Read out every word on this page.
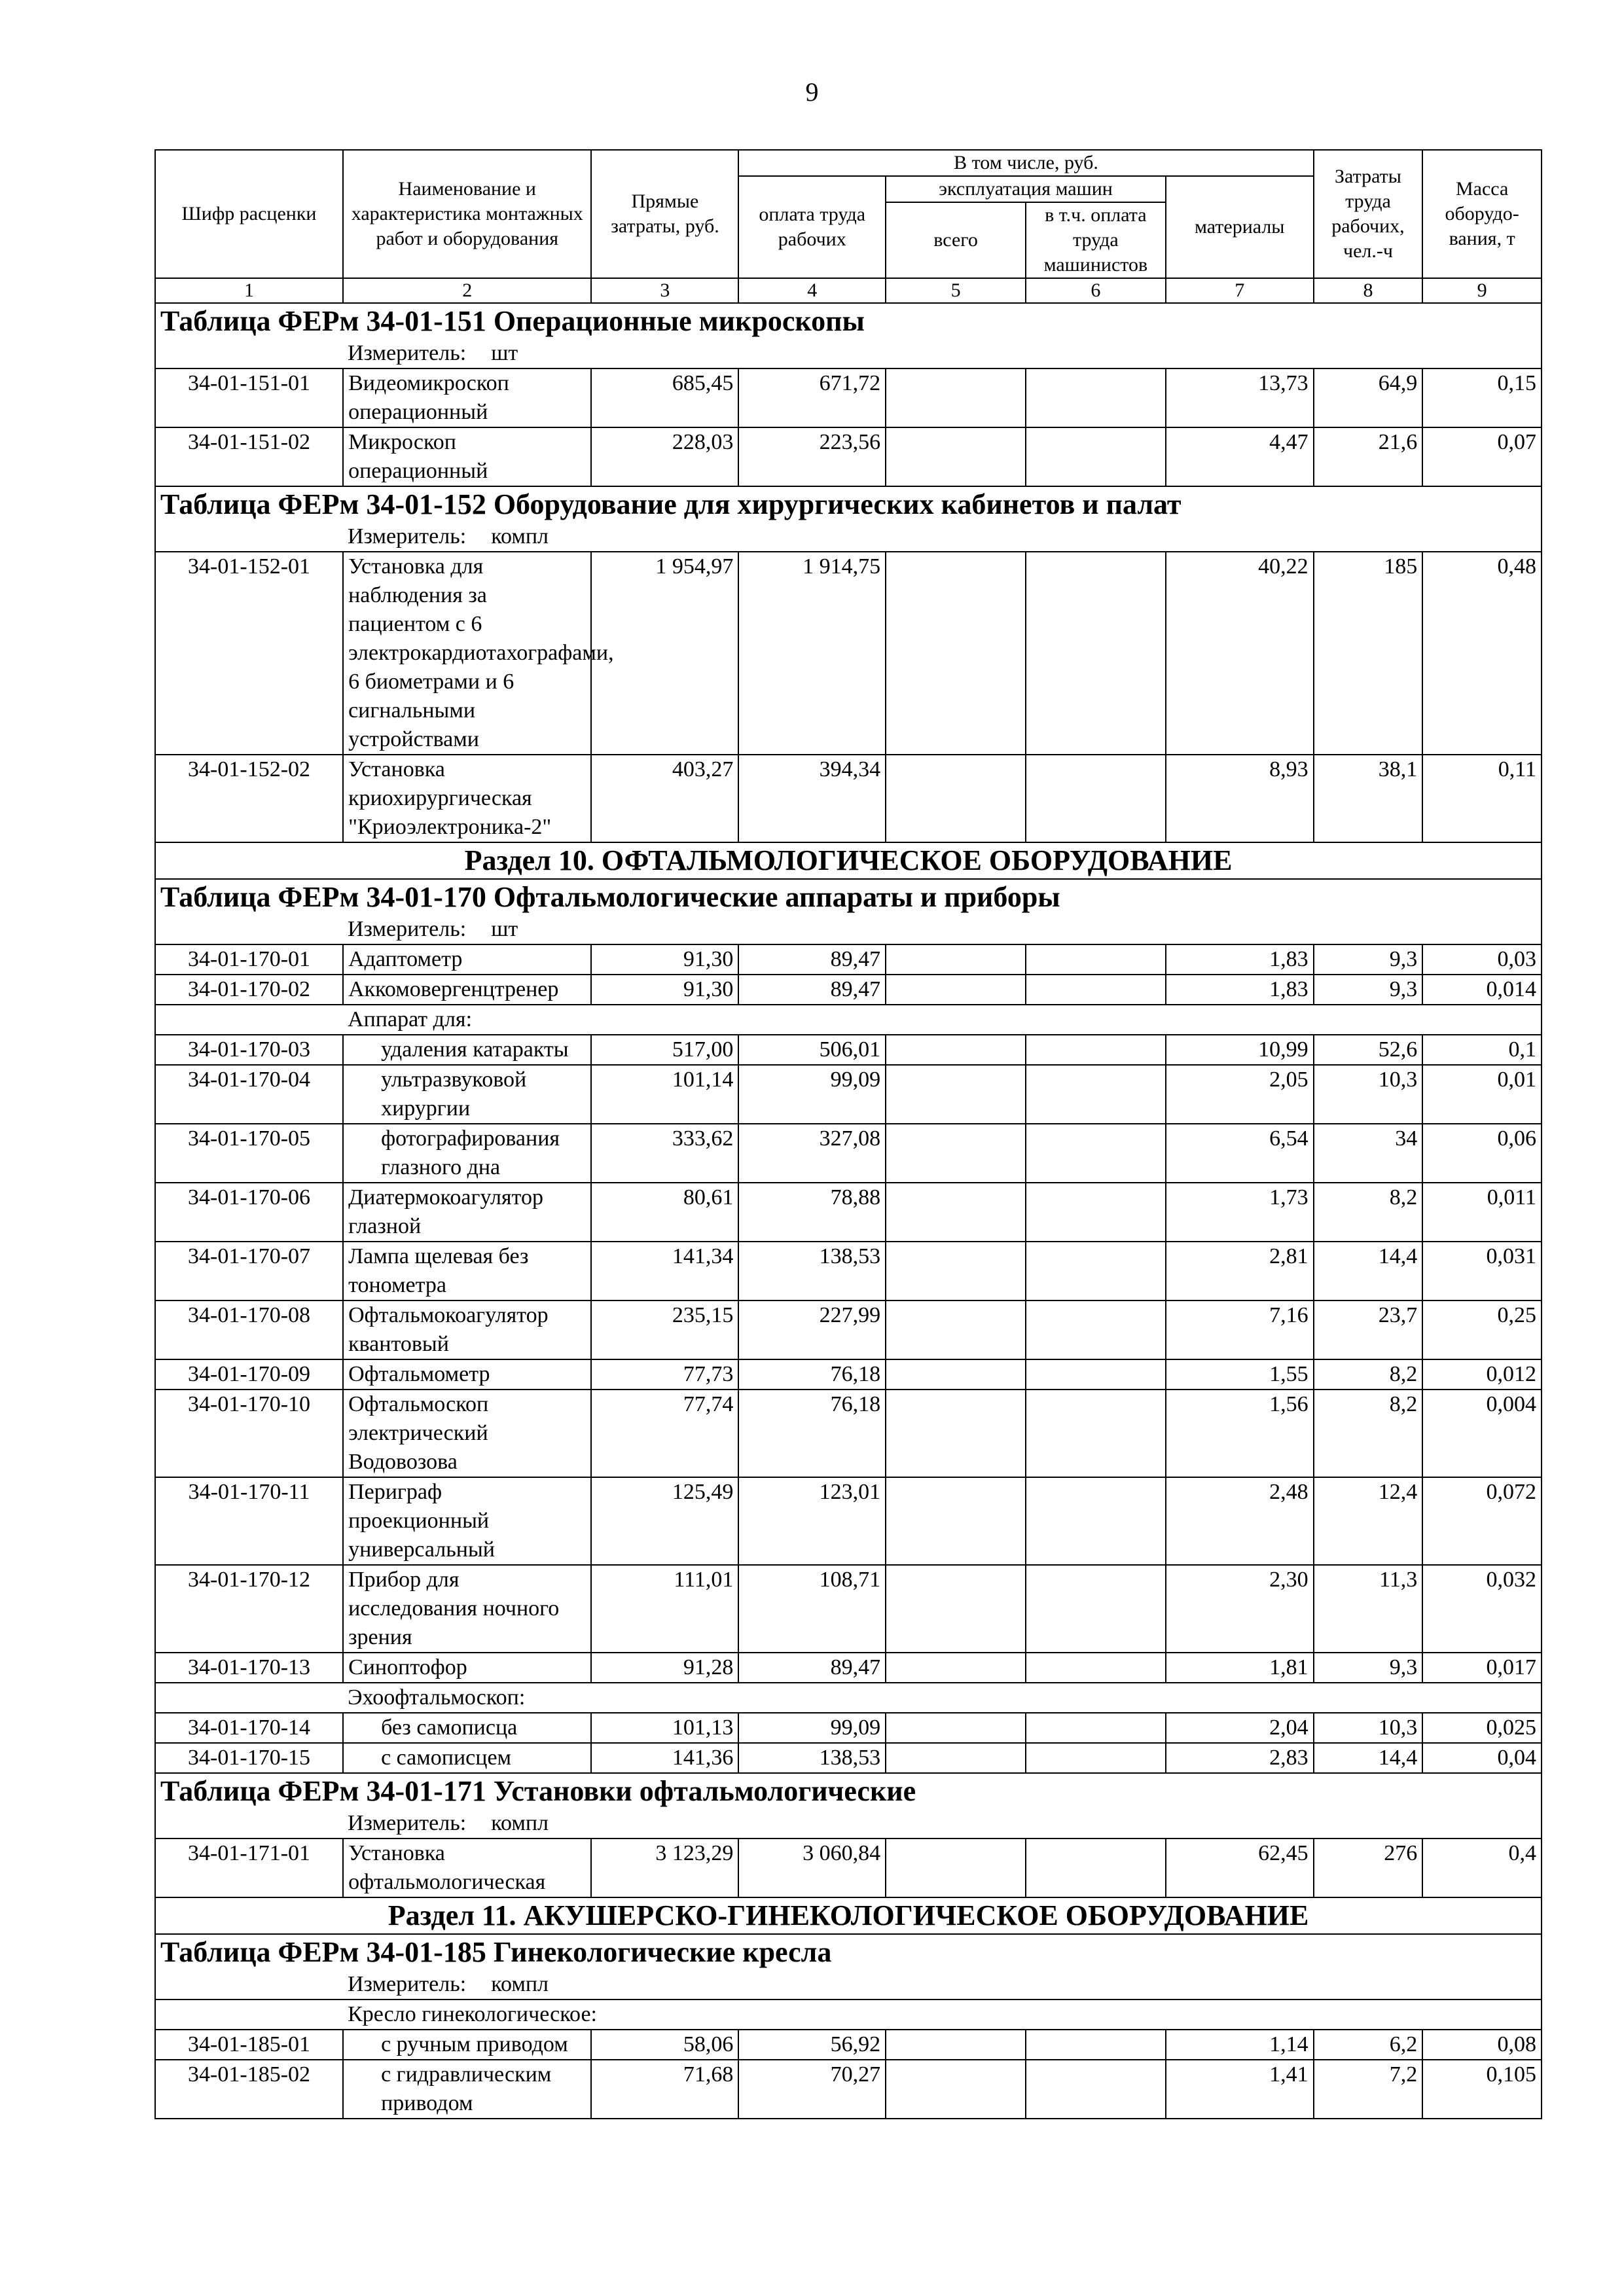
9
Шифр расценки	Наименование и характеристика монтажных работ и оборудования	Прямые затраты, руб.	В том числе, руб.				Затраты труда рабочих, чел.-ч	Масса оборудо-вания, т
			оплата труда рабочих	эксплуатация машин		материалы		
				всего	в т.ч. оплата труда машинистов			
1	2	3	4	5	6	7	8	9
Таблица ФЕРм 34-01-151 Операционные микроскопы								
Измеритель: шт								
34-01-151-01	Видеомикроскоп операционный	685,45	671,72			13,73	64,9	0,15
34-01-151-02	Микроскоп операционный	228,03	223,56			4,47	21,6	0,07
Таблица ФЕРм 34-01-152 Оборудование для хирургических кабинетов и палат								
Измеритель: компл								
34-01-152-01	Установка для наблюдения за пациентом с 6 электрокардиотахографами, 6 биометрами и 6 сигнальными устройствами	1 954,97	1 914,75			40,22	185	0,48
34-01-152-02	Установка криохирургическая "Криоэлектроника-2"	403,27	394,34			8,93	38,1	0,11
Раздел 10. ОФТАЛЬМОЛОГИЧЕСКОЕ ОБОРУДОВАНИЕ								
Таблица ФЕРм 34-01-170 Офтальмологические аппараты и приборы								
Измеритель: шт								
34-01-170-01	Адаптометр	91,30	89,47			1,83	9,3	0,03
34-01-170-02	Аккомовергенцтренер	91,30	89,47			1,83	9,3	0,014
	Аппарат для:							
34-01-170-03	удаления катаракты	517,00	506,01			10,99	52,6	0,1
34-01-170-04	ультразвуковой хирургии	101,14	99,09			2,05	10,3	0,01
34-01-170-05	фотографирования глазного дна	333,62	327,08			6,54	34	0,06
34-01-170-06	Диатермокоагулятор глазной	80,61	78,88			1,73	8,2	0,011
34-01-170-07	Лампа щелевая без тонометра	141,34	138,53			2,81	14,4	0,031
34-01-170-08	Офтальмокоагулятор квантовый	235,15	227,99			7,16	23,7	0,25
34-01-170-09	Офтальмометр	77,73	76,18			1,55	8,2	0,012
34-01-170-10	Офтальмоскоп электрический Водовозова	77,74	76,18			1,56	8,2	0,004
34-01-170-11	Периграф проекционный универсальный	125,49	123,01			2,48	12,4	0,072
34-01-170-12	Прибор для исследования ночного зрения	111,01	108,71			2,30	11,3	0,032
34-01-170-13	Синоптофор	91,28	89,47			1,81	9,3	0,017
	Эхоофтальмоскоп:							
34-01-170-14	без самописца	101,13	99,09			2,04	10,3	0,025
34-01-170-15	с самописцем	141,36	138,53			2,83	14,4	0,04
Таблица ФЕРм 34-01-171 Установки офтальмологические								
Измеритель: компл								
34-01-171-01	Установка офтальмологическая	3 123,29	3 060,84			62,45	276	0,4
Раздел 11. АКУШЕРСКО-ГИНЕКОЛОГИЧЕСКОЕ ОБОРУДОВАНИЕ								
Таблица ФЕРм 34-01-185 Гинекологические кресла								
Измеритель: компл								
	Кресло гинекологическое:							
34-01-185-01	с ручным приводом	58,06	56,92			1,14	6,2	0,08
34-01-185-02	с гидравлическим приводом	71,68	70,27			1,41	7,2	0,105
